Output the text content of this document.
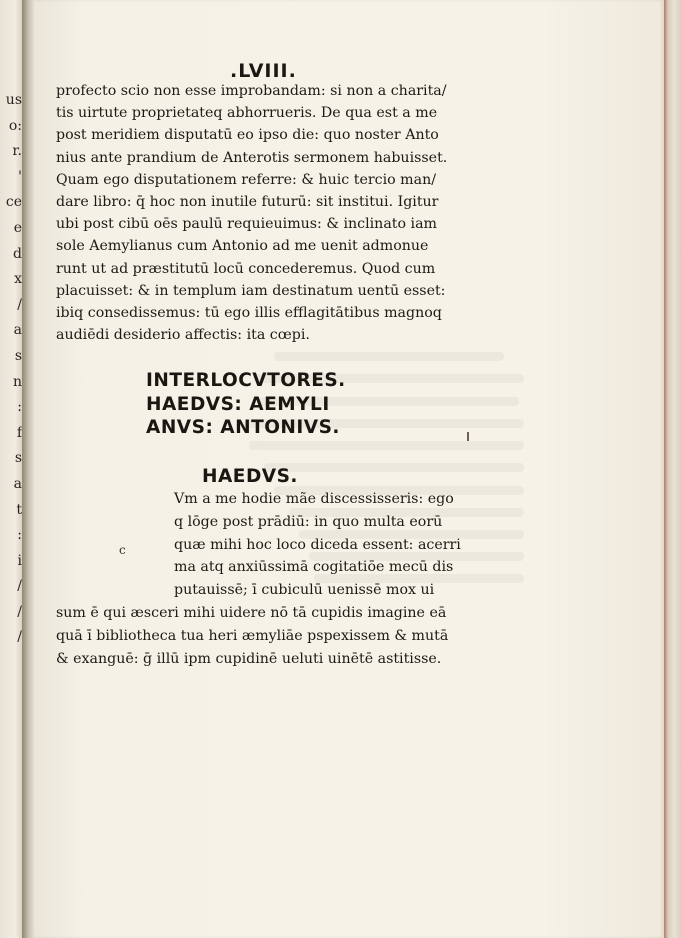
us
o:
r.
'
ce
e
d
x
/
a
s
n
:
f
s
a
t
:
i
/
/
/
.LVIII.
profecto scio non esse improbandam: si non a charita/
tis uirtute proprietateq abhorrueris. De qua est a me
post meridiem disputatū eo ipso die: quo noster Anto
nius ante prandium de Anterotis sermonem habuisset.
Quam ego disputationem referre: & huic tercio man/
dare libro: q̄ hoc non inutile futurū: sit institui. Igitur
ubi post cibū oēs paulū requieuimus: & inclinato iam
sole Aemylianus cum Antonio ad me uenit admonue
runt ut ad præstitutū locū concederemus. Quod cum
placuisset: & in templum iam destinatum uentū esset:
ibiq consedissemus: tū ego illis efflagitātibus magnoq
audiēdi desiderio affectis: ita cœpi.
INTERLOCVTORES.
HAEDVS: AEMYLI
ANVS: ANTONIVS.
HAEDVS.
c
Vm a me hodie mãe discessisseris: ego
q lōge post prādiū: in quo multa eorū
quæ mihi hoc loco diceda essent: acerri
ma atq anxiūssimā cogitatiōe mecū dis
putauissē; ī cubiculū uenissē mox ui
sum ē qui æsceri mihi uidere nō tā cupidis imagine eā
quā ī bibliotheca tua heri æmyliāe pspexissem & mutā
& exanguē: ḡ illū ipm cupidinē ueluti uinētē astitisse.
